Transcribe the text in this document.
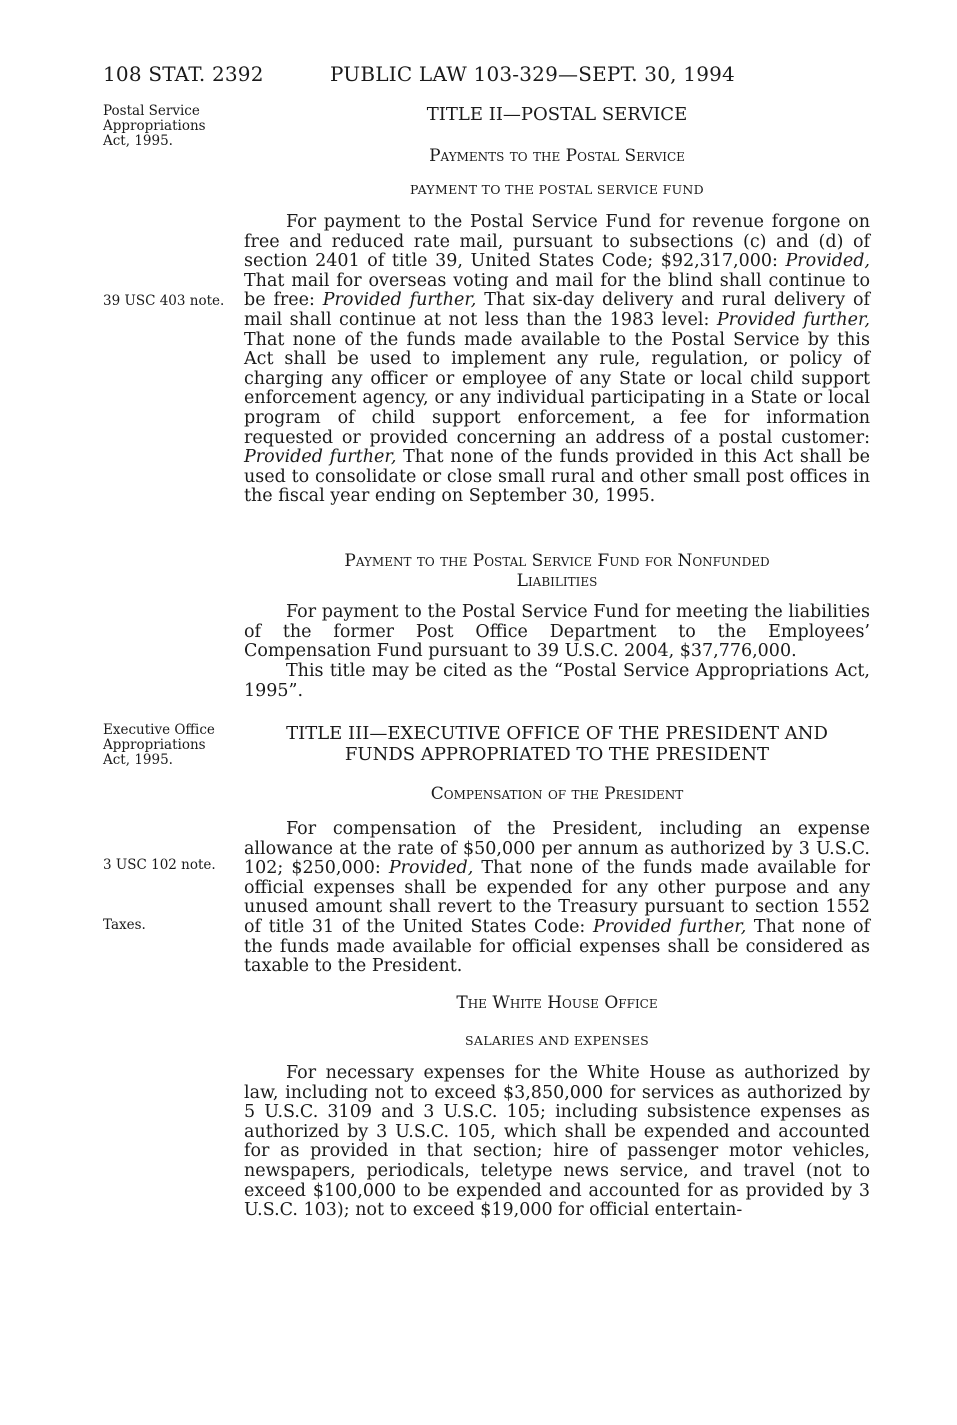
108 STAT. 2392	PUBLIC LAW 103-329—SEPT. 30, 1994
Postal Service
Appropriations
Act, 1995.
39 USC 403 note.
Executive Office
Appropriations
Act, 1995.
3 USC 102 note.
Taxes.
TITLE II—POSTAL SERVICE
Payments to the Postal Service
PAYMENT TO THE POSTAL SERVICE FUND
For payment to the Postal Service Fund for revenue forgone on free and reduced rate mail, pursuant to subsections (c) and (d) of section 2401 of title 39, United States Code; $92,317,000: Provided, That mail for overseas voting and mail for the blind shall continue to be free: Provided further, That six-day delivery and rural delivery of mail shall continue at not less than the 1983 level: Provided further, That none of the funds made available to the Postal Service by this Act shall be used to implement any rule, regulation, or policy of charging any officer or employee of any State or local child support enforcement agency, or any individual participating in a State or local program of child support enforcement, a fee for information requested or provided concerning an address of a postal customer: Provided further, That none of the funds provided in this Act shall be used to consolidate or close small rural and other small post offices in the fiscal year ending on September 30, 1995.
Payment to the Postal Service Fund for Nonfunded
Liabilities
For payment to the Postal Service Fund for meeting the liabilities of the former Post Office Department to the Employees’ Compensation Fund pursuant to 39 U.S.C. 2004, $37,776,000.
This title may be cited as the “Postal Service Appropriations Act, 1995”.
TITLE III—EXECUTIVE OFFICE OF THE PRESIDENT AND
FUNDS APPROPRIATED TO THE PRESIDENT
Compensation of the President
For compensation of the President, including an expense allowance at the rate of $50,000 per annum as authorized by 3 U.S.C. 102; $250,000: Provided, That none of the funds made available for official expenses shall be expended for any other purpose and any unused amount shall revert to the Treasury pursuant to section 1552 of title 31 of the United States Code: Provided further, That none of the funds made available for official expenses shall be considered as taxable to the President.
The White House Office
SALARIES AND EXPENSES
For necessary expenses for the White House as authorized by law, including not to exceed $3,850,000 for services as authorized by 5 U.S.C. 3109 and 3 U.S.C. 105; including subsistence expenses as authorized by 3 U.S.C. 105, which shall be expended and accounted for as provided in that section; hire of passenger motor vehicles, newspapers, periodicals, teletype news service, and travel (not to exceed $100,000 to be expended and accounted for as provided by 3 U.S.C. 103); not to exceed $19,000 for official entertain-
